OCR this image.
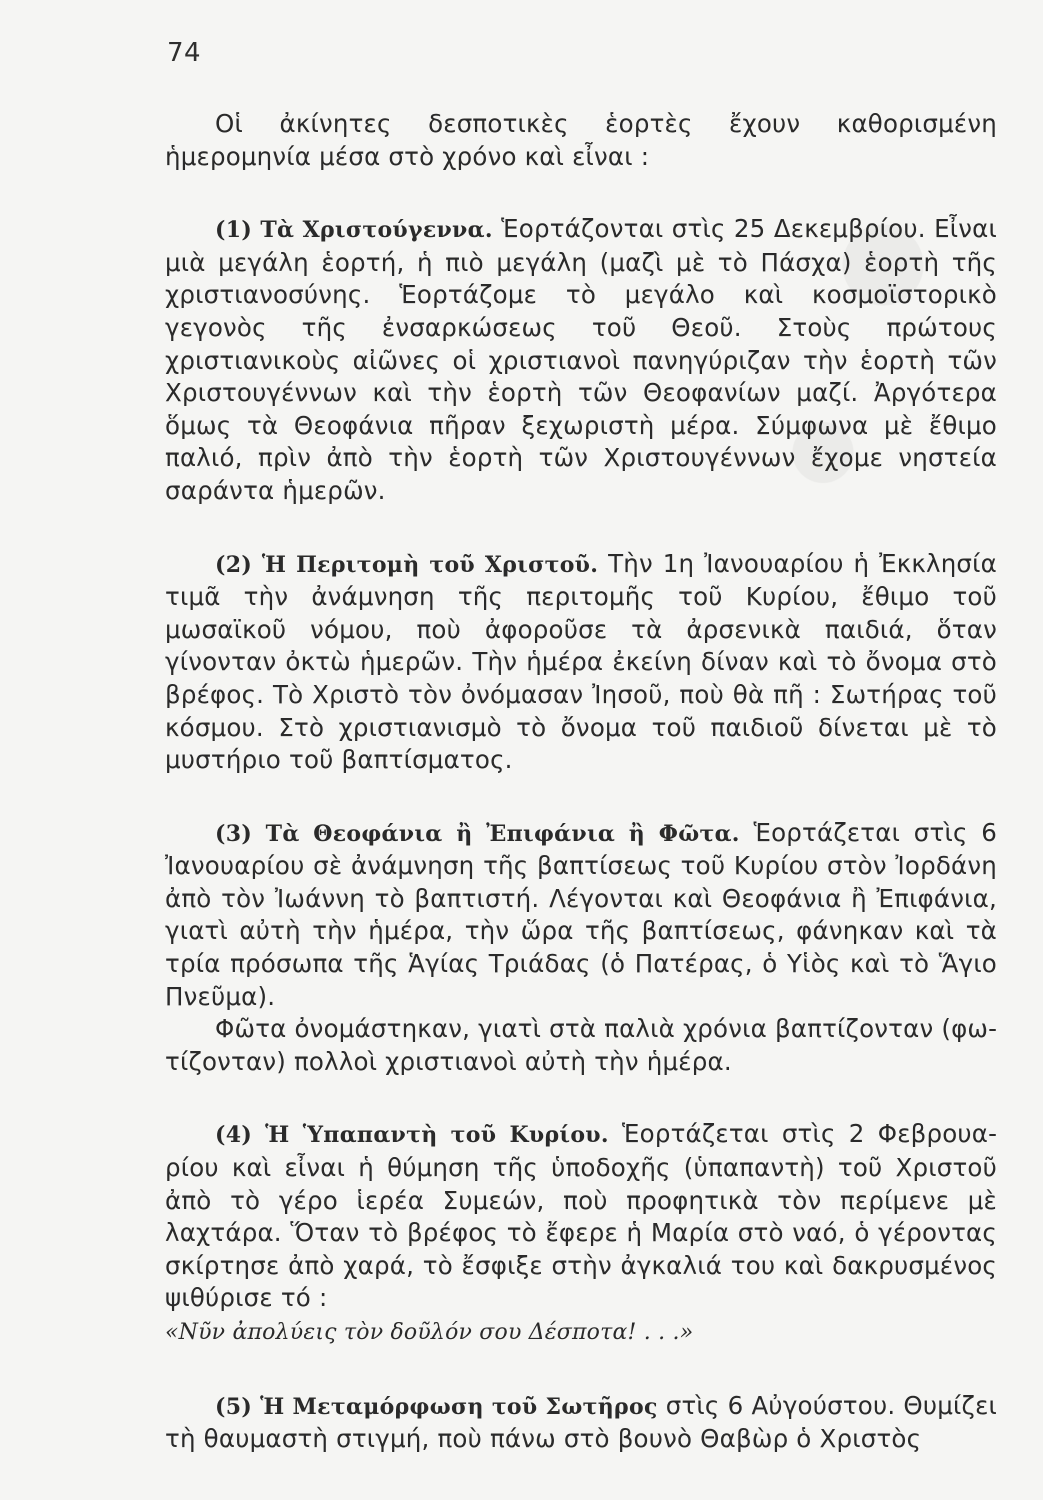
74

Οἱ ἀκίνητες δεσποτικὲς ἑορτὲς ἔχουν καθορισμένη ἡμερομηνία μέσα στὸ χρόνο καὶ εἶναι :

(1) Τὰ Χριστούγεννα. Ἑορτάζονται στὶς 25 Δεκεμβρίου. Εἶναι μιὰ μεγάλη ἑορτή, ἡ πιὸ μεγάλη (μαζὶ μὲ τὸ Πάσχα) ἑορτὴ τῆς χριστιανοσύνης. Ἑορτάζομε τὸ μεγάλο καὶ κοσμοϊστορικὸ γεγονὸς τῆς ἐνσαρκώσεως τοῦ Θεοῦ. Στοὺς πρώτους χριστιανικοὺς αἰῶνες οἱ χριστιανοὶ πανηγύριζαν τὴν ἑορτὴ τῶν Χριστουγέννων καὶ τὴν ἑορτὴ τῶν Θεοφανίων μαζί. Ἀργότερα ὅμως τὰ Θεοφάνια πῆραν ξεχωριστὴ μέρα. Σύμφωνα μὲ ἔθιμο παλιό, πρὶν ἀπὸ τὴν ἑορτὴ τῶν Χριστουγέννων ἔχομε νηστεία σαράντα ἡμερῶν.

(2) Ἡ Περιτομὴ τοῦ Χριστοῦ. Τὴν 1η Ἰανουαρίου ἡ Ἐκκλησία τιμᾶ τὴν ἀνάμνηση τῆς περιτομῆς τοῦ Κυρίου, ἔθιμο τοῦ μωσαϊκοῦ νόμου, ποὺ ἀφοροῦσε τὰ ἀρσενικὰ παιδιά, ὅταν γίνονταν ὀκτὼ ἡμερῶν. Τὴν ἡμέρα ἐκείνη δίναν καὶ τὸ ὄνομα στὸ βρέφος. Τὸ Χριστὸ τὸν ὀνόμασαν Ἰησοῦ, ποὺ θὰ πῆ : Σωτήρας τοῦ κόσμου. Στὸ χριστιανισμὸ τὸ ὄνομα τοῦ παιδιοῦ δίνεται μὲ τὸ μυστήριο τοῦ βαπτίσματος.

(3) Τὰ Θεοφάνια ἢ Ἐπιφάνια ἢ Φῶτα. Ἑορτάζεται στὶς 6 Ἰανουαρίου σὲ ἀνάμνηση τῆς βαπτίσεως τοῦ Κυρίου στὸν Ἰορδάνη ἀπὸ τὸν Ἰωάννη τὸ βαπτιστή. Λέγονται καὶ Θεοφάνια ἢ Ἐπιφάνια, γιατὶ αὐτὴ τὴν ἡμέρα, τὴν ὥρα τῆς βαπτίσεως, φάνηκαν καὶ τὰ τρία πρόσωπα τῆς Ἁγίας Τριάδας (ὁ Πατέρας, ὁ Υἱὸς καὶ τὸ Ἅγιο Πνεῦμα).

Φῶτα ὀνομάστηκαν, γιατὶ στὰ παλιὰ χρόνια βαπτίζονταν (φωτίζονταν) πολλοὶ χριστιανοὶ αὐτὴ τὴν ἡμέρα.

(4) Ἡ Ὑπαπαντὴ τοῦ Κυρίου. Ἑορτάζεται στὶς 2 Φεβρουαρίου καὶ εἶναι ἡ θύμηση τῆς ὑποδοχῆς (ὑπαπαντὴ) τοῦ Χριστοῦ ἀπὸ τὸ γέρο ἱερέα Συμεών, ποὺ προφητικὰ τὸν περίμενε μὲ λαχτάρα. Ὅταν τὸ βρέφος τὸ ἔφερε ἡ Μαρία στὸ ναό, ὁ γέροντας σκίρτησε ἀπὸ χαρά, τὸ ἔσφιξε στὴν ἀγκαλιά του καὶ δακρυσμένος ψιθύρισε τό :
«Νῦν ἀπολύεις τὸν δοῦλόν σου Δέσποτα! . . .»

(5) Ἡ Μεταμόρφωση τοῦ Σωτῆρος στὶς 6 Αὐγούστου. Θυμίζει τὴ θαυμαστὴ στιγμή, ποὺ πάνω στὸ βουνὸ Θαβὼρ ὁ Χριστὸς
